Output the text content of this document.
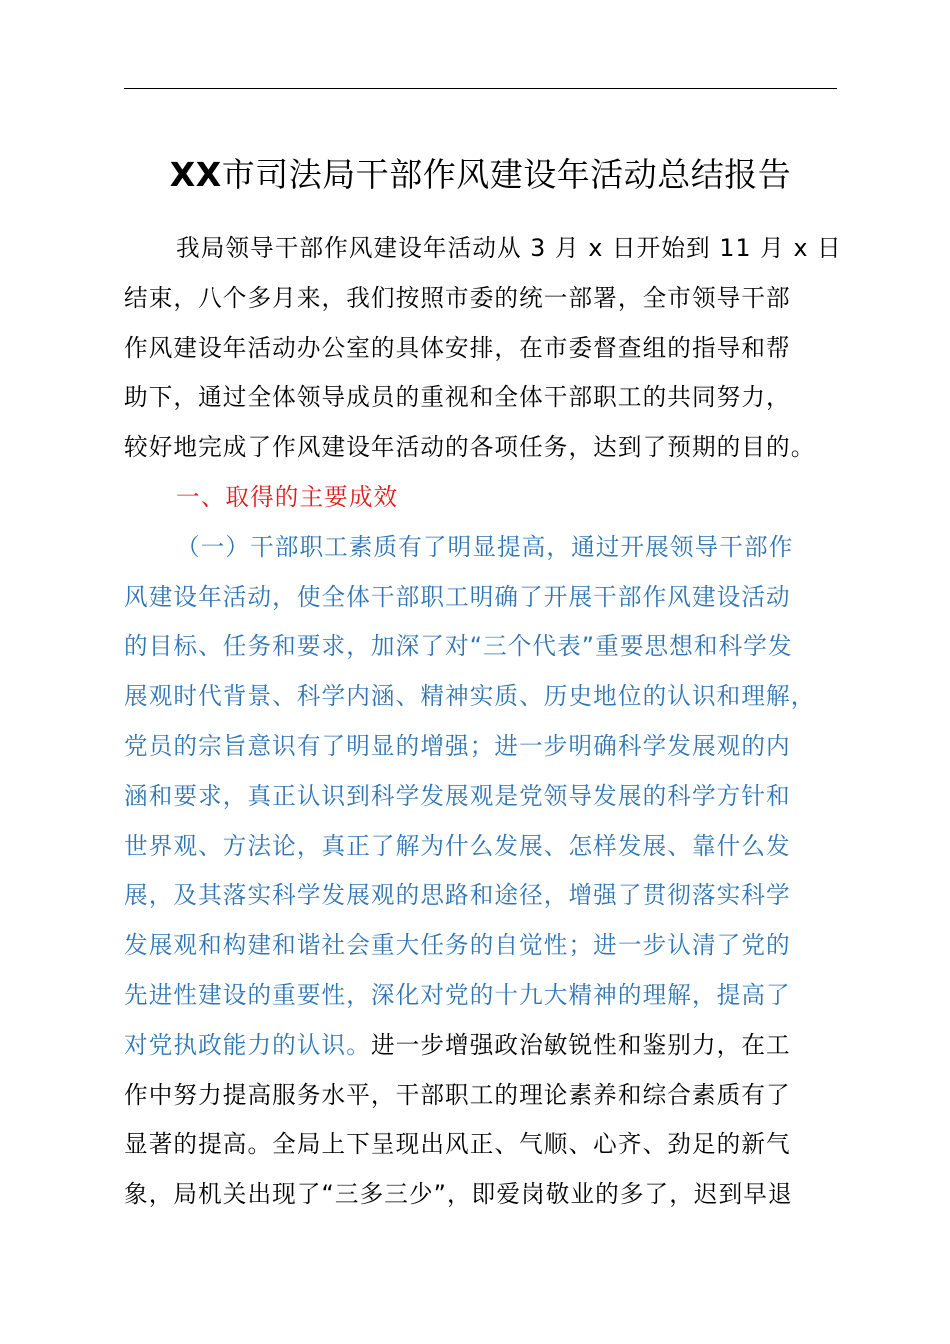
XX市司法局干部作风建设年活动总结报告
我局领导干部作风建设年活动从 3 月 x 日开始到 11 月 x 日
结束，八个多月来，我们按照市委的统一部署，全市领导干部
作风建设年活动办公室的具体安排，在市委督查组的指导和帮
助下，通过全体领导成员的重视和全体干部职工的共同努力，
较好地完成了作风建设年活动的各项任务，达到了预期的目的。
一、取得的主要成效
（一）干部职工素质有了明显提高，通过开展领导干部作
风建设年活动，使全体干部职工明确了开展干部作风建设活动
的目标、任务和要求，加深了对“三个代表”重要思想和科学发
展观时代背景、科学内涵、精神实质、历史地位的认识和理解，
党员的宗旨意识有了明显的增强；进一步明确科学发展观的内
涵和要求，真正认识到科学发展观是党领导发展的科学方针和
世界观、方法论，真正了解为什么发展、怎样发展、靠什么发
展，及其落实科学发展观的思路和途径，增强了贯彻落实科学
发展观和构建和谐社会重大任务的自觉性；进一步认清了党的
先进性建设的重要性，深化对党的十九大精神的理解，提高了
对党执政能力的认识。进一步增强政治敏锐性和鉴别力，在工
作中努力提高服务水平，干部职工的理论素养和综合素质有了
显著的提高。全局上下呈现出风正、气顺、心齐、劲足的新气
象，局机关出现了“三多三少”，即爱岗敬业的多了，迟到早退
